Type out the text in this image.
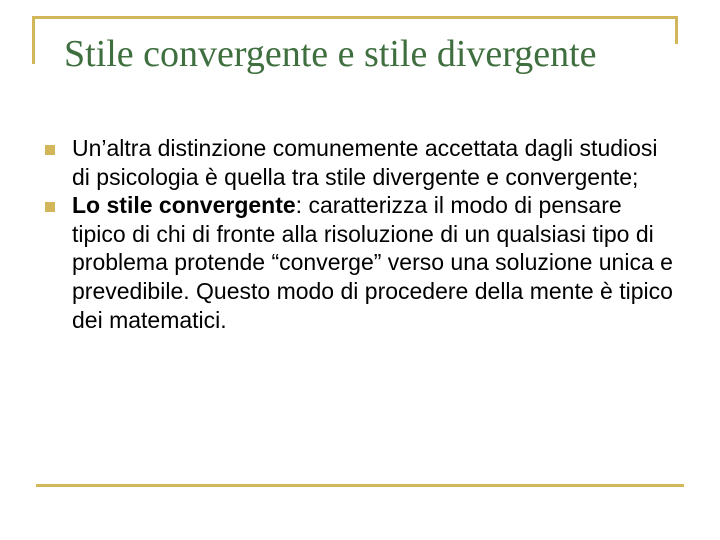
Stile convergente e stile divergente
Un’altra distinzione comunemente accettata dagli studiosi di psicologia è quella tra stile divergente e convergente;
Lo stile convergente: caratterizza il modo di pensare tipico di chi di fronte alla risoluzione di un qualsiasi tipo di problema protende “converge” verso una soluzione unica e prevedibile. Questo modo di procedere della mente è tipico dei matematici.
